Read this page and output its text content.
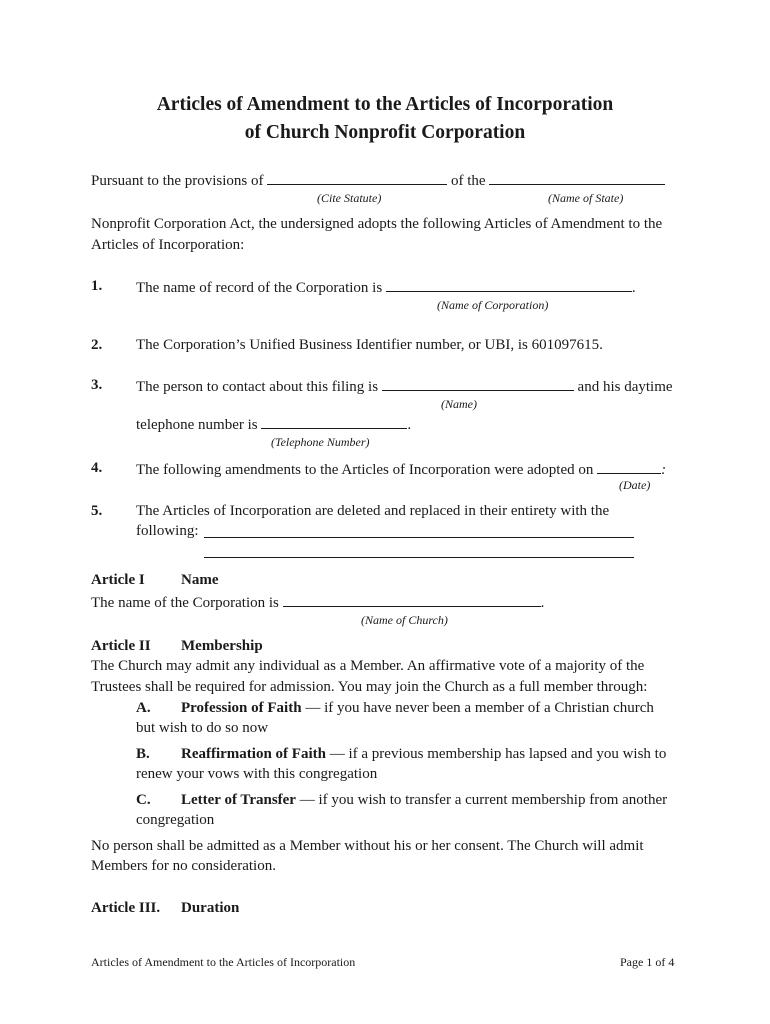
Articles of Amendment to the Articles of Incorporation
of Church Nonprofit Corporation
Pursuant to the provisions of	of the
(Cite Statute)	(Name of State)
Nonprofit Corporation Act, the undersigned adopts the following Articles of Amendment to the
Articles of Incorporation:
1. The name of record of the Corporation is	.
(Name of Corporation)
2. The Corporation’s Unified Business Identifier number, or UBI, is 601097615.
3. The person to contact about this filing is	and his daytime
(Name)
telephone number is	.
(Telephone Number)
4. The following amendments to the Articles of Incorporation were adopted on	:
(Date)
5. The Articles of Incorporation are deleted and replaced in their entirety with the
following:
Article I Name
The name of the Corporation is	.
(Name of Church)
Article II Membership
The Church may admit any individual as a Member. An affirmative vote of a majority of the
Trustees shall be required for admission. You may join the Church as a full member through:
A. Profession of Faith — if you have never been a member of a Christian church
but wish to do so now
B. Reaffirmation of Faith — if a previous membership has lapsed and you wish to
renew your vows with this congregation
C. Letter of Transfer — if you wish to transfer a current membership from another
congregation
No person shall be admitted as a Member without his or her consent. The Church will admit
Members for no consideration.
Article III. Duration
Articles of Amendment to the Articles of Incorporation	Page 1 of 4
